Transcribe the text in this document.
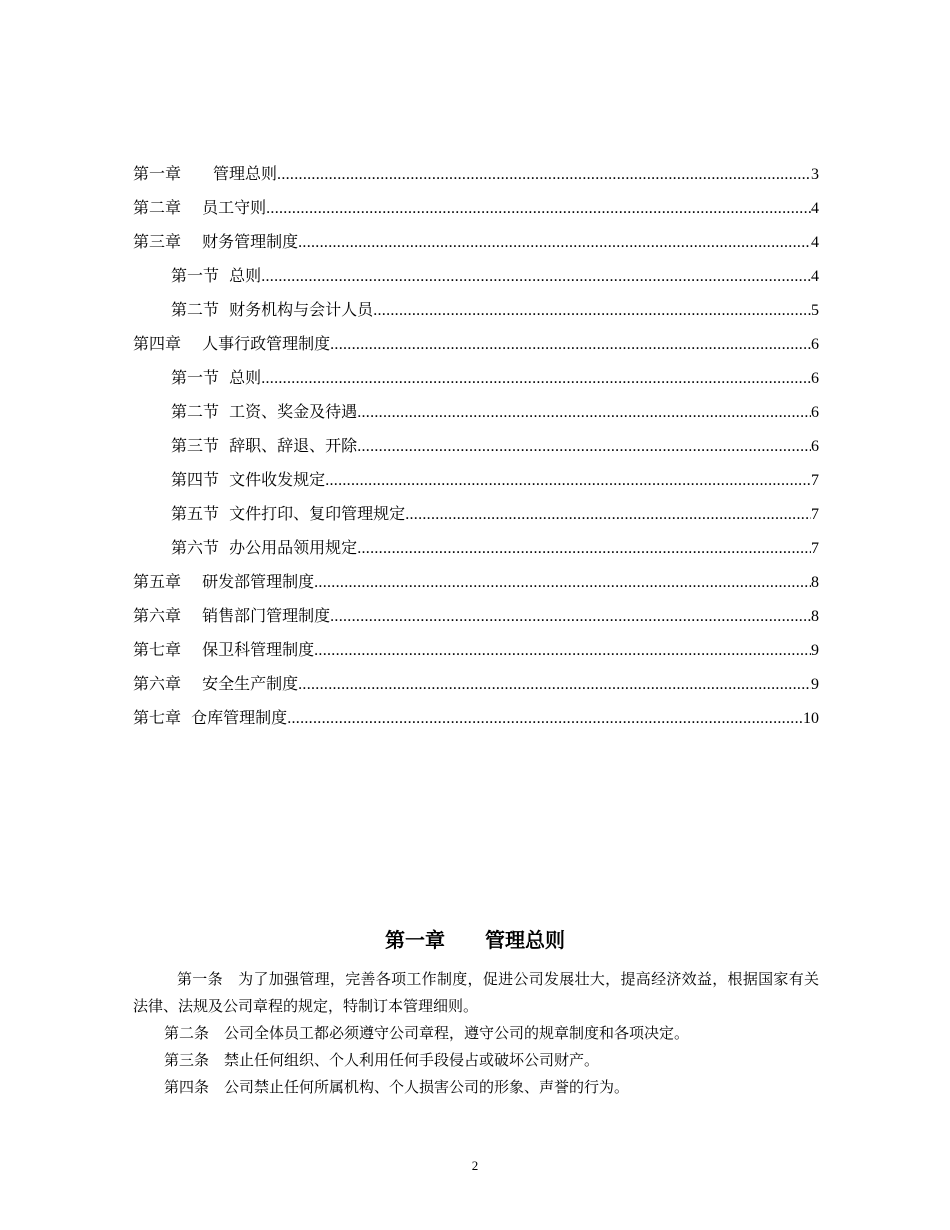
第一章　　管理总则 .....	3
第二章　 员工守则 .....	4
第三章　 财务管理制度 .....	4
第一节  总则 .....	4
第二节  财务机构与会计人员 .....	5
第四章　 人事行政管理制度 .....	6
第一节  总则 .....	6
第二节  工资、奖金及待遇 .....	6
第三节  辞职、辞退、开除 .....	6
第四节  文件收发规定 .....	7
第五节  文件打印、复印管理规定 .....	7
第六节  办公用品领用规定 .....	7
第五章　 研发部管理制度 .....	8
第六章　 销售部门管理制度 .....	8
第七章　 保卫科管理制度 .....	9
第六章　 安全生产制度 .....	9
第七章  仓库管理制度 .....	10
第一章　　管理总则

第一条　为了加强管理，完善各项工作制度，促进公司发展壮大，提高经济效益，根据国家有关法律、法规及公司章程的规定，特制订本管理细则。

第二条　公司全体员工都必须遵守公司章程，遵守公司的规章制度和各项决定。

第三条　禁止任何组织、个人利用任何手段侵占或破坏公司财产。

第四条　公司禁止任何所属机构、个人损害公司的形象、声誉的行为。

2
